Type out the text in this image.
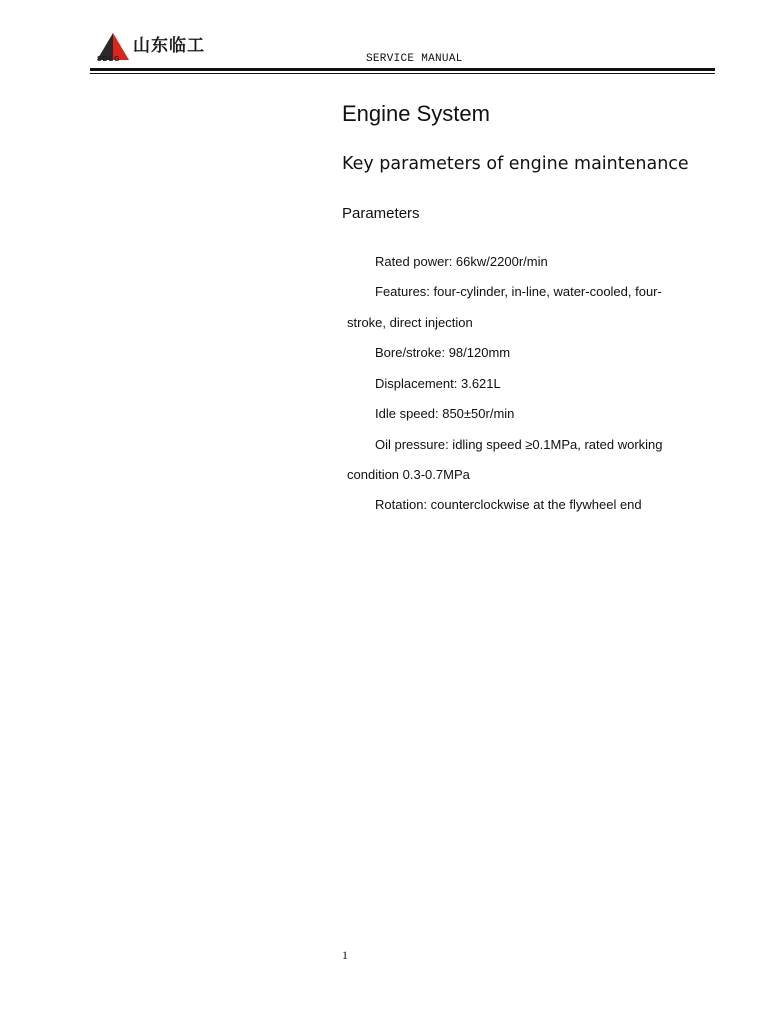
山东临工
SDLG	SERVICE MANUAL
Engine System
Key parameters of engine maintenance
Parameters
Rated power: 66kw/2200r/min
Features: four-cylinder, in-line, water-cooled, four-
stroke, direct injection
Bore/stroke: 98/120mm
Displacement: 3.621L
Idle speed: 850±50r/min
Oil pressure: idling speed ≥0.1MPa, rated working
condition 0.3-0.7MPa
Rotation: counterclockwise at the flywheel end
1
